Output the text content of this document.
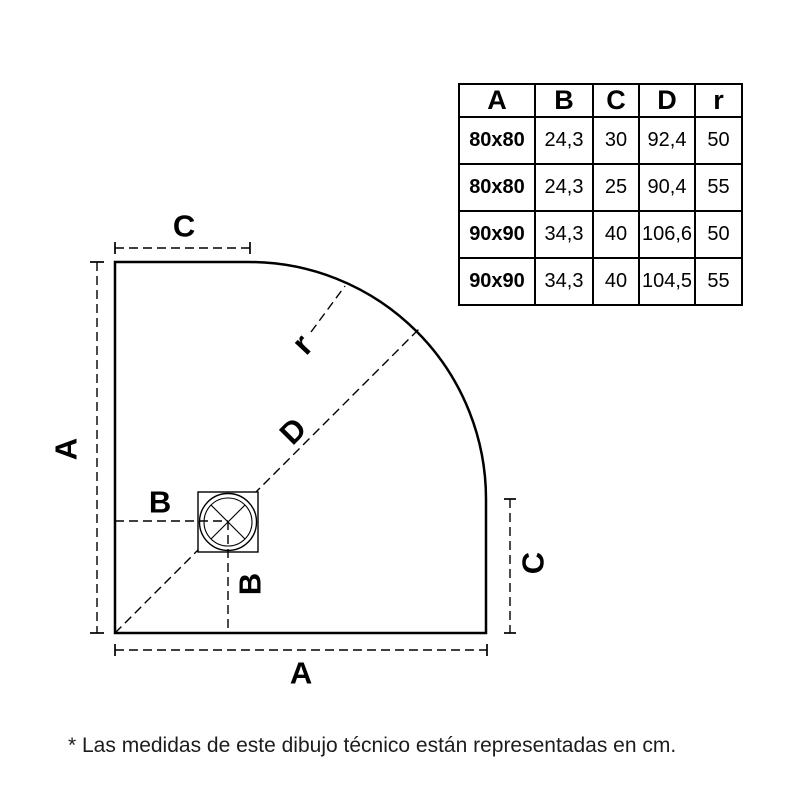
C
A
A
C
B
B
D
r
A	B	C	D	r
80x80	24,3	30	92,4	50
80x80	24,3	25	90,4	55
90x90	34,3	40	106,6	50
90x90	34,3	40	104,5	55
* Las medidas de este dibujo técnico están representadas en cm.
